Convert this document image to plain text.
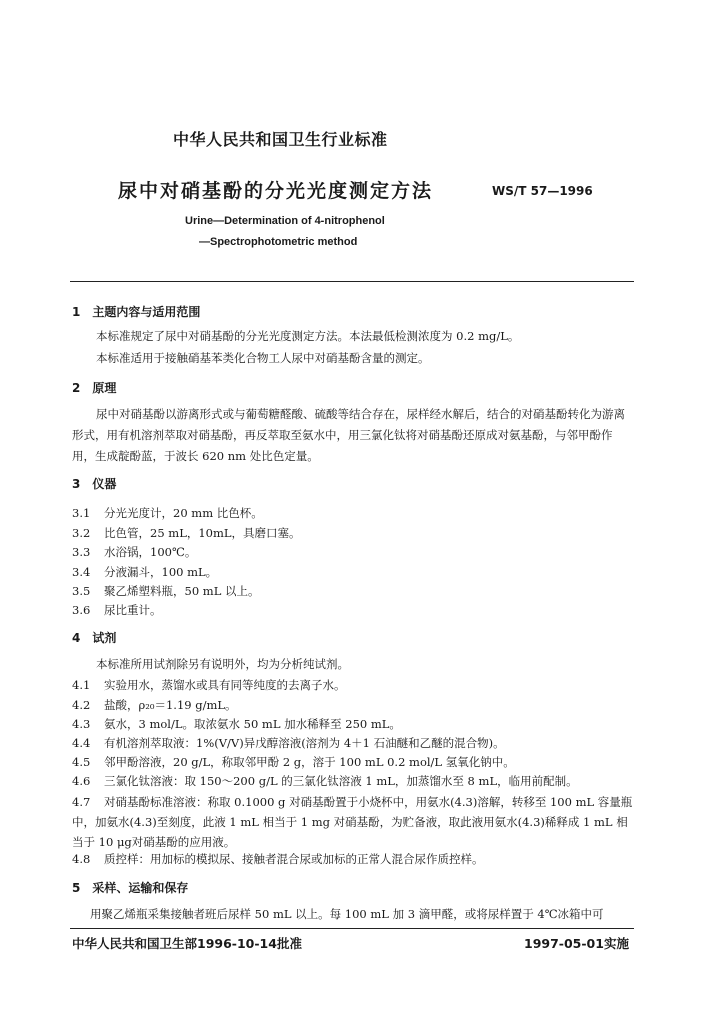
中华人民共和国卫生行业标准
尿中对硝基酚的分光光度测定方法	WS/T 57—1996
Urine—Determination of 4-nitrophenol
—Spectrophotometric method
1　主题内容与适用范围
本标准规定了尿中对硝基酚的分光光度测定方法。本法最低检测浓度为 0.2 mg/L。
本标准适用于接触硝基苯类化合物工人尿中对硝基酚含量的测定。
2　原理
尿中对硝基酚以游离形式或与葡萄糖醛酸、硫酸等结合存在，尿样经水解后，结合的对硝基酚转化为游离形式，用有机溶剂萃取对硝基酚，再反萃取至氨水中，用三氯化钛将对硝基酚还原成对氨基酚，与邻甲酚作用，生成靛酚蓝，于波长 620 nm 处比色定量。
3　仪器
3.1 分光光度计，20 mm 比色杯。
3.2 比色管，25 mL，10mL，具磨口塞。
3.3 水浴锅，100℃。
3.4 分液漏斗，100 mL。
3.5 聚乙烯塑料瓶，50 mL 以上。
3.6 尿比重计。
4　试剂
本标准所用试剂除另有说明外，均为分析纯试剂。
4.1 实验用水，蒸馏水或具有同等纯度的去离子水。
4.2 盐酸，ρ₂₀＝1.19 g/mL。
4.3 氨水，3 mol/L。取浓氨水 50 mL 加水稀释至 250 mL。
4.4 有机溶剂萃取液：1%(V/V)异戊醇溶液(溶剂为 4＋1 石油醚和乙醚的混合物)。
4.5 邻甲酚溶液，20 g/L，称取邻甲酚 2 g，溶于 100 mL 0.2 mol/L 氢氧化钠中。
4.6 三氯化钛溶液：取 150～200 g/L 的三氯化钛溶液 1 mL，加蒸馏水至 8 mL，临用前配制。
4.7 对硝基酚标准溶液：称取 0.1000 g 对硝基酚置于小烧杯中，用氨水(4.3)溶解，转移至 100 mL 容量瓶中，加氨水(4.3)至刻度，此液 1 mL 相当于 1 mg 对硝基酚，为贮备液，取此液用氨水(4.3)稀释成 1 mL 相当于 10 μg对硝基酚的应用液。
4.8 质控样：用加标的模拟尿、接触者混合尿或加标的正常人混合尿作质控样。
5　采样、运输和保存
用聚乙烯瓶采集接触者班后尿样 50 mL 以上。每 100 mL 加 3 滴甲醛，或将尿样置于 4℃冰箱中可
中华人民共和国卫生部1996-10-14批准	1997-05-01实施
